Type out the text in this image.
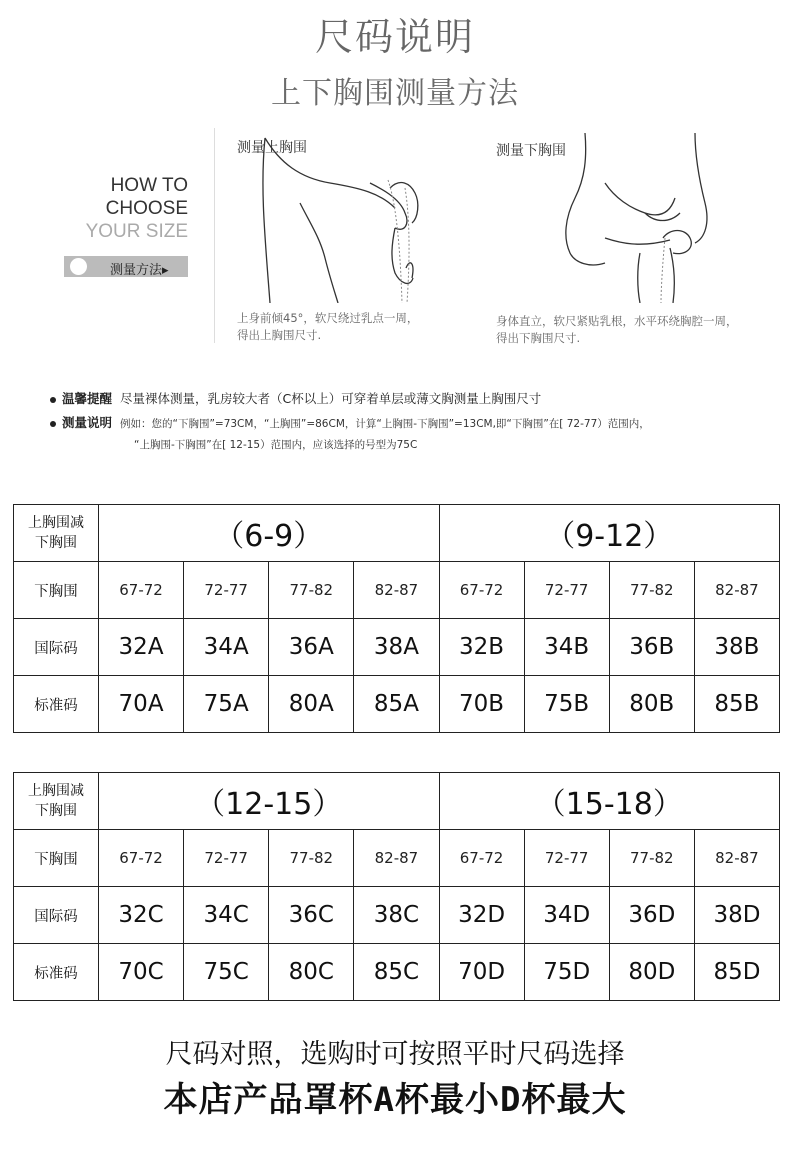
尺码说明
上下胸围测量方法
HOW TO
CHOOSE
YOUR SIZE
测量方法▸
测量上胸围
上身前倾45°，软尺绕过乳点一周，
得出上胸围尺寸.
测量下胸围
身体直立，软尺紧贴乳根，水平环绕胸腔一周，
得出下胸围尺寸.
温馨提醒 尽量裸体测量，乳房较大者（C杯以上）可穿着单层或薄文胸测量上胸围尺寸
测量说明 例如：您的“下胸围”=73CM，“上胸围”=86CM，计算“上胸围-下胸围”=13CM,即“下胸围”在[ 72-77）范围内，
“上胸围-下胸围”在[ 12-15）范围内，应该选择的号型为75C
上胸围减
下胸围	（6-9）				（9-12）			
下胸围	67-72	72-77	77-82	82-87	67-72	72-77	77-82	82-87
国际码	32A	34A	36A	38A	32B	34B	36B	38B
标准码	70A	75A	80A	85A	70B	75B	80B	85B
上胸围减
下胸围	（12-15）				（15-18）			
下胸围	67-72	72-77	77-82	82-87	67-72	72-77	77-82	82-87
国际码	32C	34C	36C	38C	32D	34D	36D	38D
标准码	70C	75C	80C	85C	70D	75D	80D	85D
尺码对照，选购时可按照平时尺码选择
本店产品罩杯A杯最小D杯最大
